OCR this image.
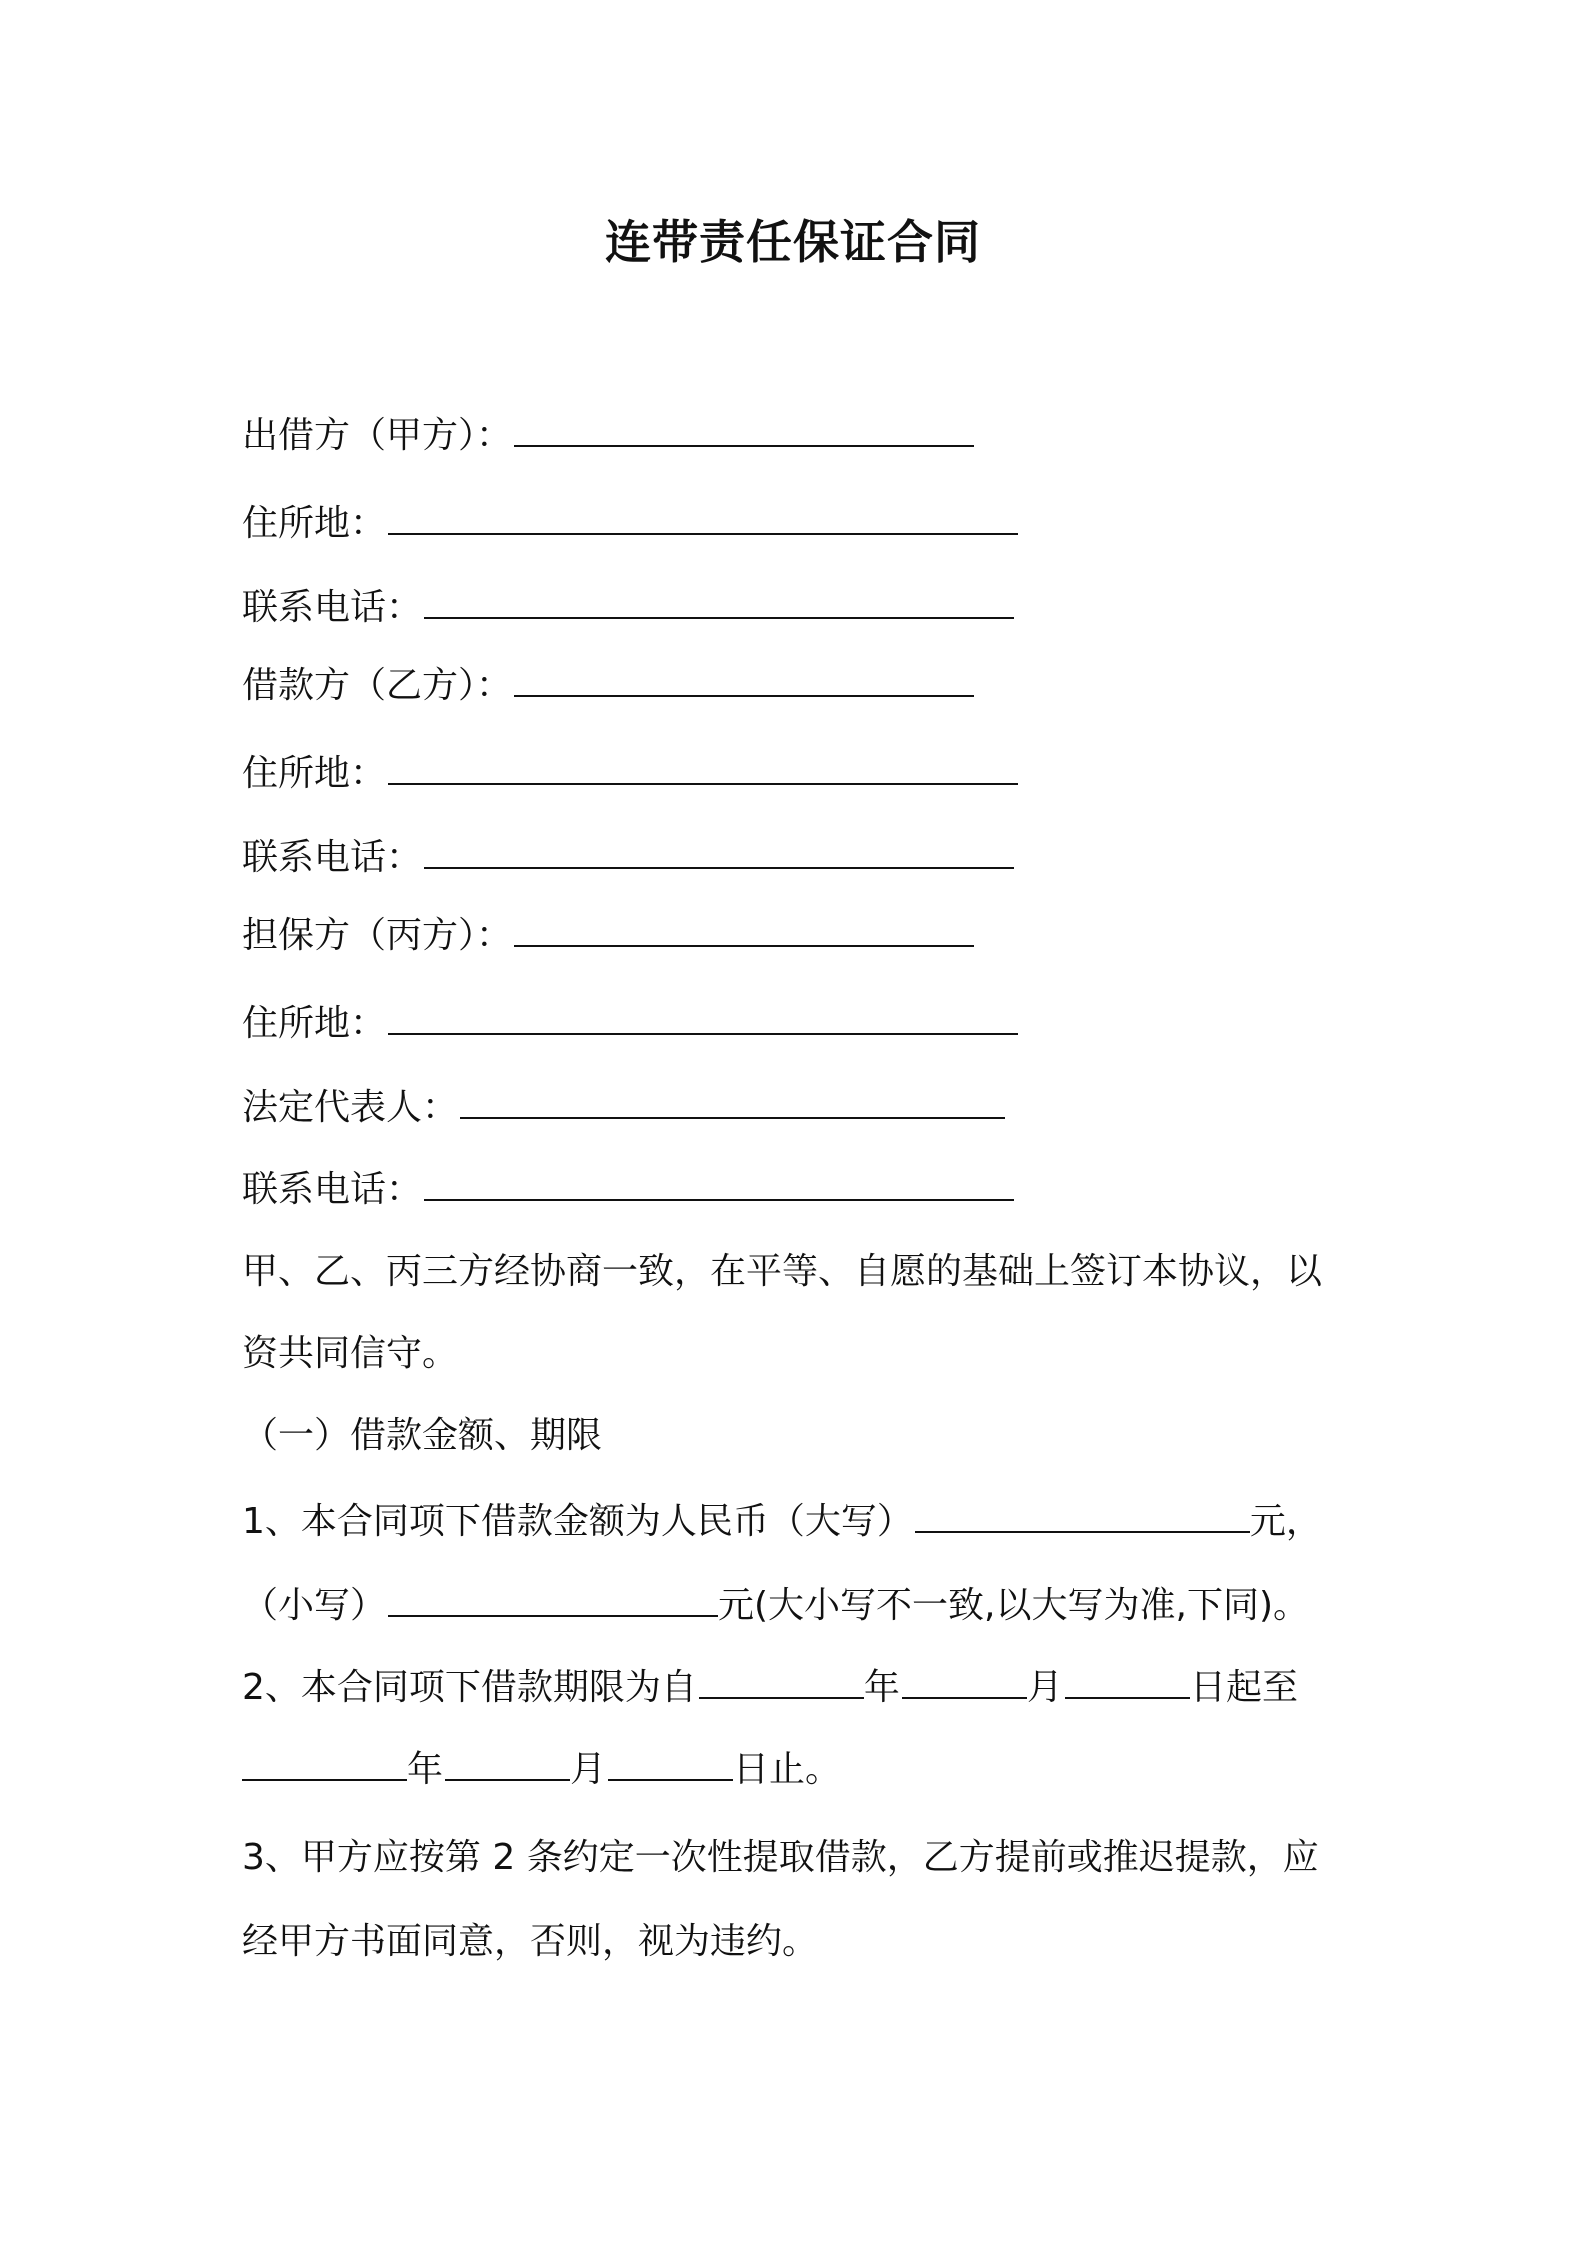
连带责任保证合同
出借方（甲方）：
住所地：
联系电话：
借款方（乙方）：
住所地：
联系电话：
担保方（丙方）：
住所地：
法定代表人：
联系电话：
甲、乙、丙三方经协商一致，在平等、自愿的基础上签订本协议，以
资共同信守。
（一）借款金额、期限
1、本合同项下借款金额为人民币（大写）	元，
（小写）	元(大小写不一致,以大写为准,下同)。
2、本合同项下借款期限为自	年	月	日起至
年	月	日止。
3、甲方应按第 2 条约定一次性提取借款，乙方提前或推迟提款，应
经甲方书面同意，否则，视为违约。
